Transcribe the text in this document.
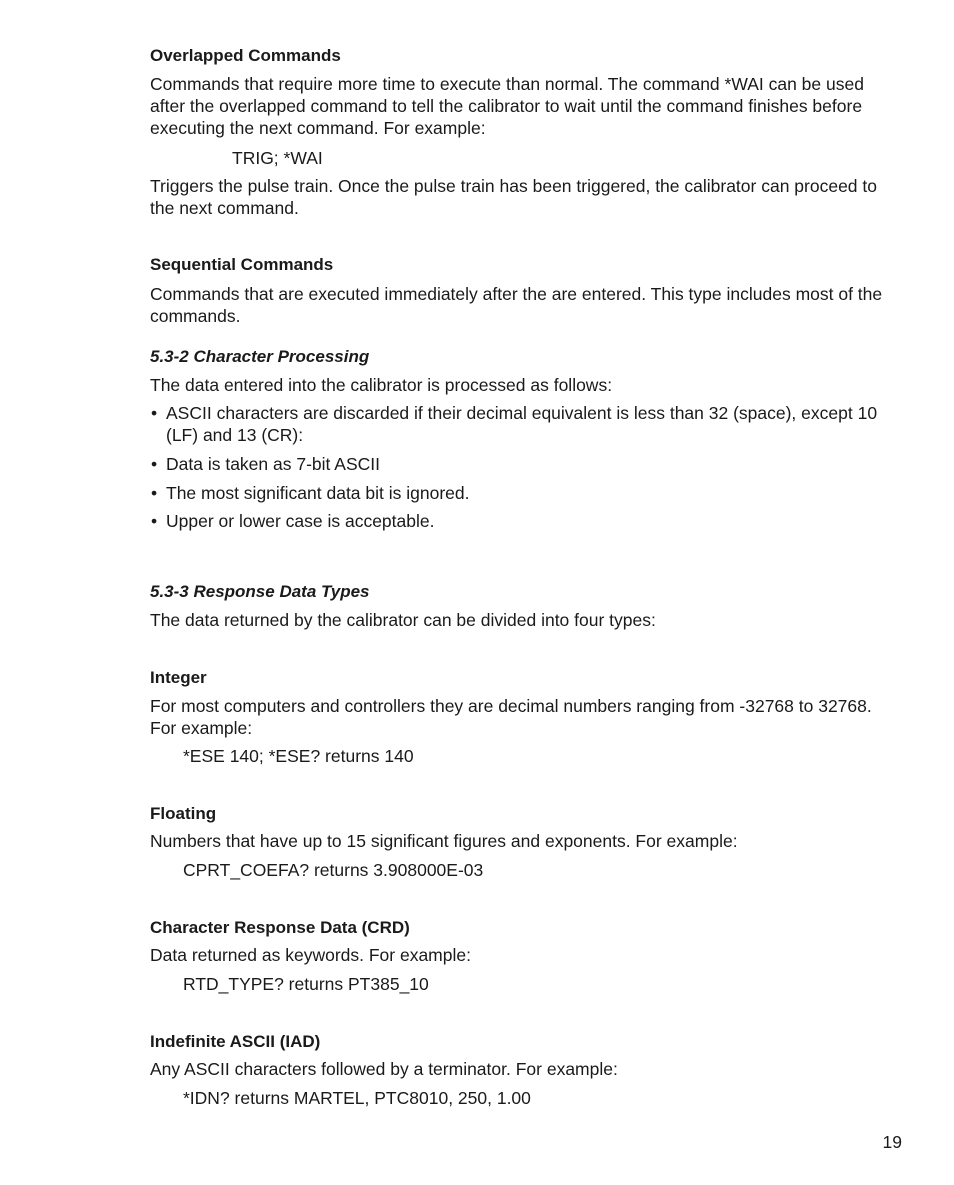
Overlapped Commands

Commands that require more time to execute than normal. The command *WAI can be used after the overlapped command to tell the calibrator to wait until the command finishes before executing the next command. For example:

TRIG; *WAI

Triggers the pulse train. Once the pulse train has been triggered, the calibrator can proceed to the next command.

Sequential Commands

Commands that are executed immediately after the are entered. This type includes most of the commands.

5.3-2 Character Processing

The data entered into the calibrator is processed as follows:

• ASCII characters are discarded if their decimal equivalent is less than 32 (space), except 10 (LF) and 13 (CR):

• Data is taken as 7-bit ASCII

• The most significant data bit is ignored.

• Upper or lower case is acceptable.

5.3-3 Response Data Types

The data returned by the calibrator can be divided into four types:

Integer

For most computers and controllers they are decimal numbers ranging from -32768 to 32768. For example:

*ESE 140; *ESE? returns 140

Floating

Numbers that have up to 15 significant figures and exponents. For example:

CPRT_COEFA? returns 3.908000E-03

Character Response Data (CRD)

Data returned as keywords. For example:

RTD_TYPE? returns PT385_10

Indefinite ASCII (IAD)

Any ASCII characters followed by a terminator. For example:

*IDN? returns MARTEL, PTC8010, 250, 1.00

19
